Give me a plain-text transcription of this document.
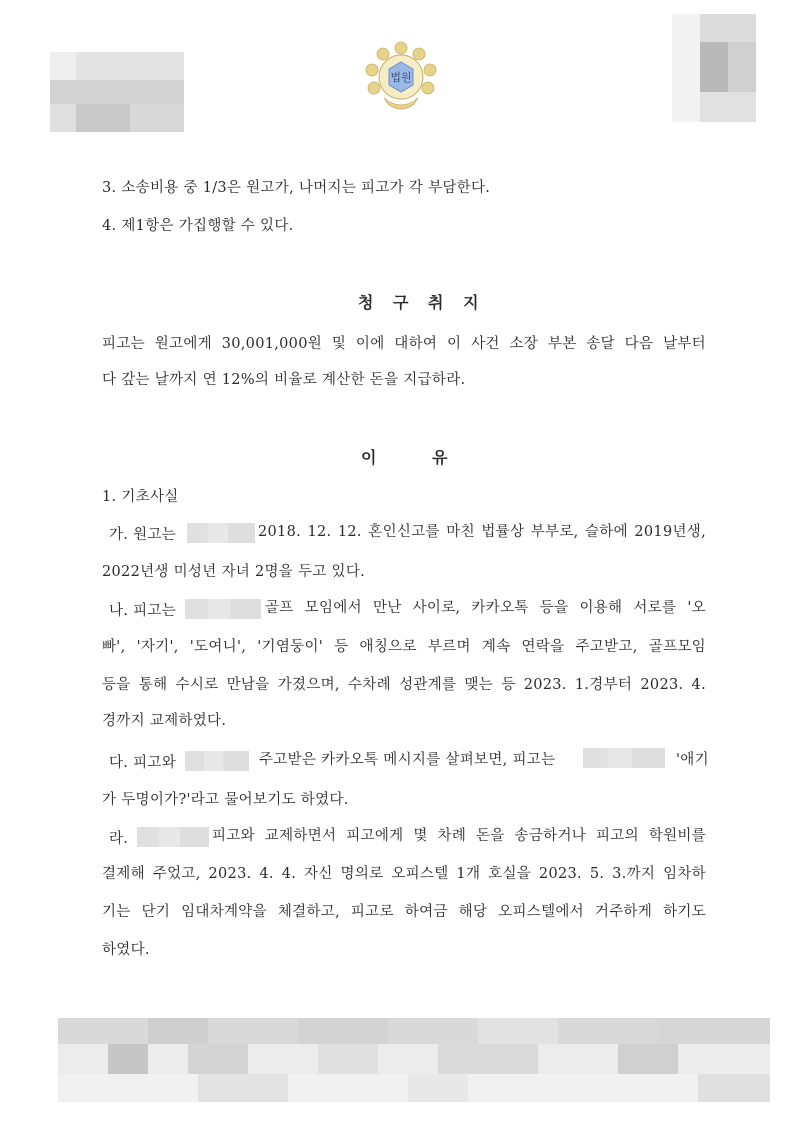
법원
3. 소송비용 중 1/3은 원고가, 나머지는 피고가 각 부담한다.
4. 제1항은 가집행할 수 있다.
청 구 취 지
피고는 원고에게 30,001,000원 및 이에 대하여 이 사건 소장 부본 송달 다음 날부터
다 갚는 날까지 연 12%의 비율로 계산한 돈을 지급하라.
이	유
1. 기초사실
가. 원고는	2018. 12. 12. 혼인신고를 마친 법률상 부부로, 슬하에 2019년생,
2022년생 미성년 자녀 2명을 두고 있다.
나. 피고는	골프 모임에서 만난 사이로, 카카오톡 등을 이용해 서로를 '오
빠', '자기', '도여니', '기염둥이' 등 애칭으로 부르며 계속 연락을 주고받고, 골프모임
등을 통해 수시로 만남을 가졌으며, 수차례 성관계를 맺는 등 2023. 1.경부터 2023. 4.
경까지 교제하였다.
다. 피고와	주고받은 카카오톡 메시지를 살펴보면, 피고는	'애기
가 두명이가?'라고 물어보기도 하였다.
라.	피고와 교제하면서 피고에게 몇 차례 돈을 송금하거나 피고의 학원비를
결제해 주었고, 2023. 4. 4. 자신 명의로 오피스텔 1개 호실을 2023. 5. 3.까지 임차하
기는 단기 임대차계약을 체결하고, 피고로 하여금 해당 오피스텔에서 거주하게 하기도
하였다.
